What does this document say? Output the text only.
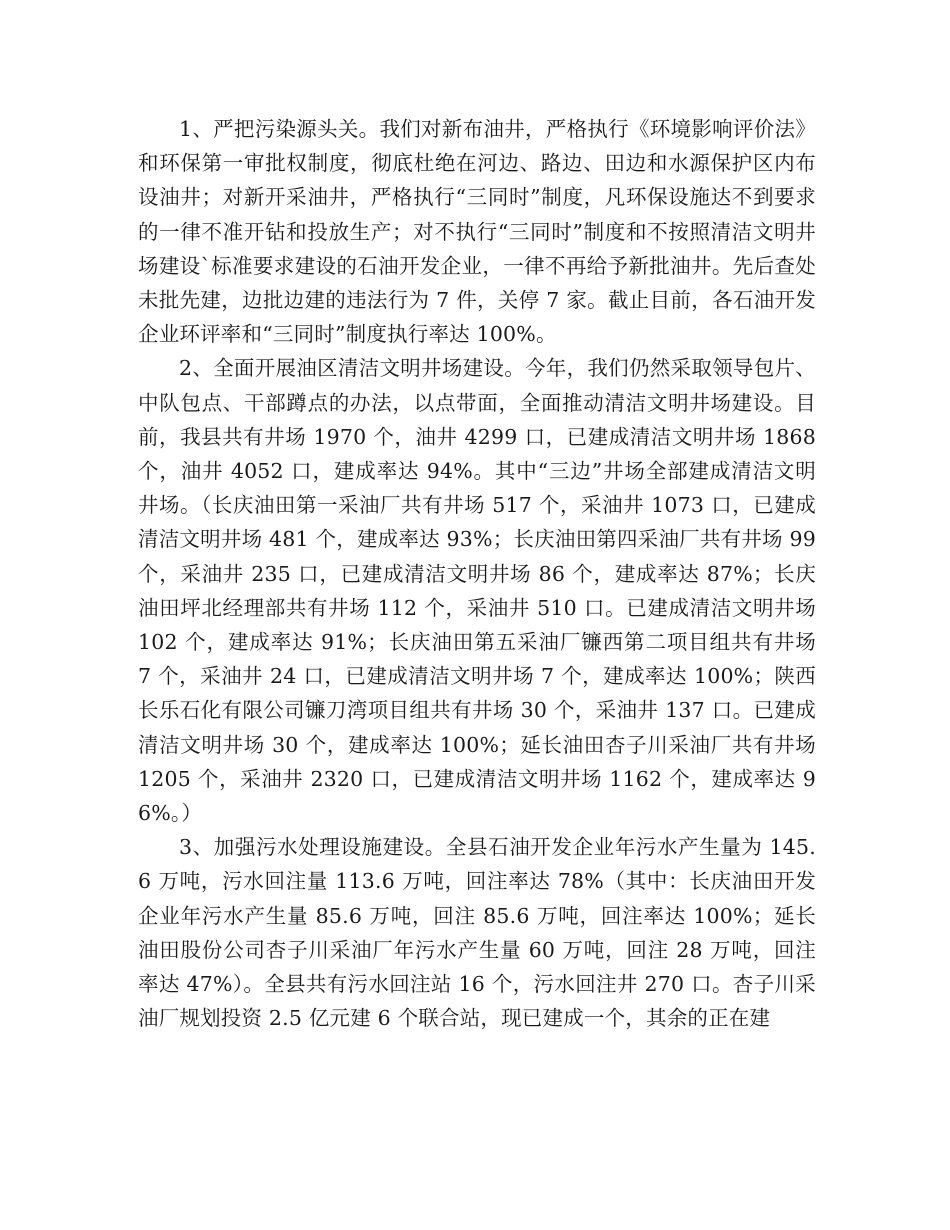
1、严把污染源头关。我们对新布油井，严格执行《环境影响评价法》和环保第一审批权制度，彻底杜绝在河边、路边、田边和水源保护区内布设油井；对新开采油井，严格执行“三同时”制度，凡环保设施达不到要求的一律不准开钻和投放生产；对不执行“三同时”制度和不按照清洁文明井场建设`标准要求建设的石油开发企业，一律不再给予新批油井。先后查处未批先建，边批边建的违法行为 7 件，关停 7 家。截止目前，各石油开发企业环评率和“三同时”制度执行率达 100%。

2、全面开展油区清洁文明井场建设。今年，我们仍然采取领导包片、中队包点、干部蹲点的办法，以点带面，全面推动清洁文明井场建设。目前，我县共有井场 1970 个，油井 4299 口，已建成清洁文明井场 1868 个，油井 4052 口，建成率达 94%。其中“三边”井场全部建成清洁文明井场。（长庆油田第一采油厂共有井场 517 个，采油井 1073 口，已建成清洁文明井场 481 个，建成率达 93%；长庆油田第四采油厂共有井场 99 个，采油井 235 口，已建成清洁文明井场 86 个，建成率达 87%；长庆油田坪北经理部共有井场 112 个，采油井 510 口。已建成清洁文明井场 102 个，建成率达 91%；长庆油田第五采油厂镰西第二项目组共有井场 7 个，采油井 24 口，已建成清洁文明井场 7 个，建成率达 100%；陕西长乐石化有限公司镰刀湾项目组共有井场 30 个，采油井 137 口。已建成清洁文明井场 30 个，建成率达 100%；延长油田杏子川采油厂共有井场 1205 个，采油井 2320 口，已建成清洁文明井场 1162 个，建成率达 96%。）

3、加强污水处理设施建设。全县石油开发企业年污水产生量为 145.6 万吨，污水回注量 113.6 万吨，回注率达 78%（其中：长庆油田开发企业年污水产生量 85.6 万吨，回注 85.6 万吨，回注率达 100%；延长油田股份公司杏子川采油厂年污水产生量 60 万吨，回注 28 万吨，回注率达 47%）。全县共有污水回注站 16 个，污水回注井 270 口。杏子川采油厂规划投资 2.5 亿元建 6 个联合站，现已建成一个，其余的正在建
